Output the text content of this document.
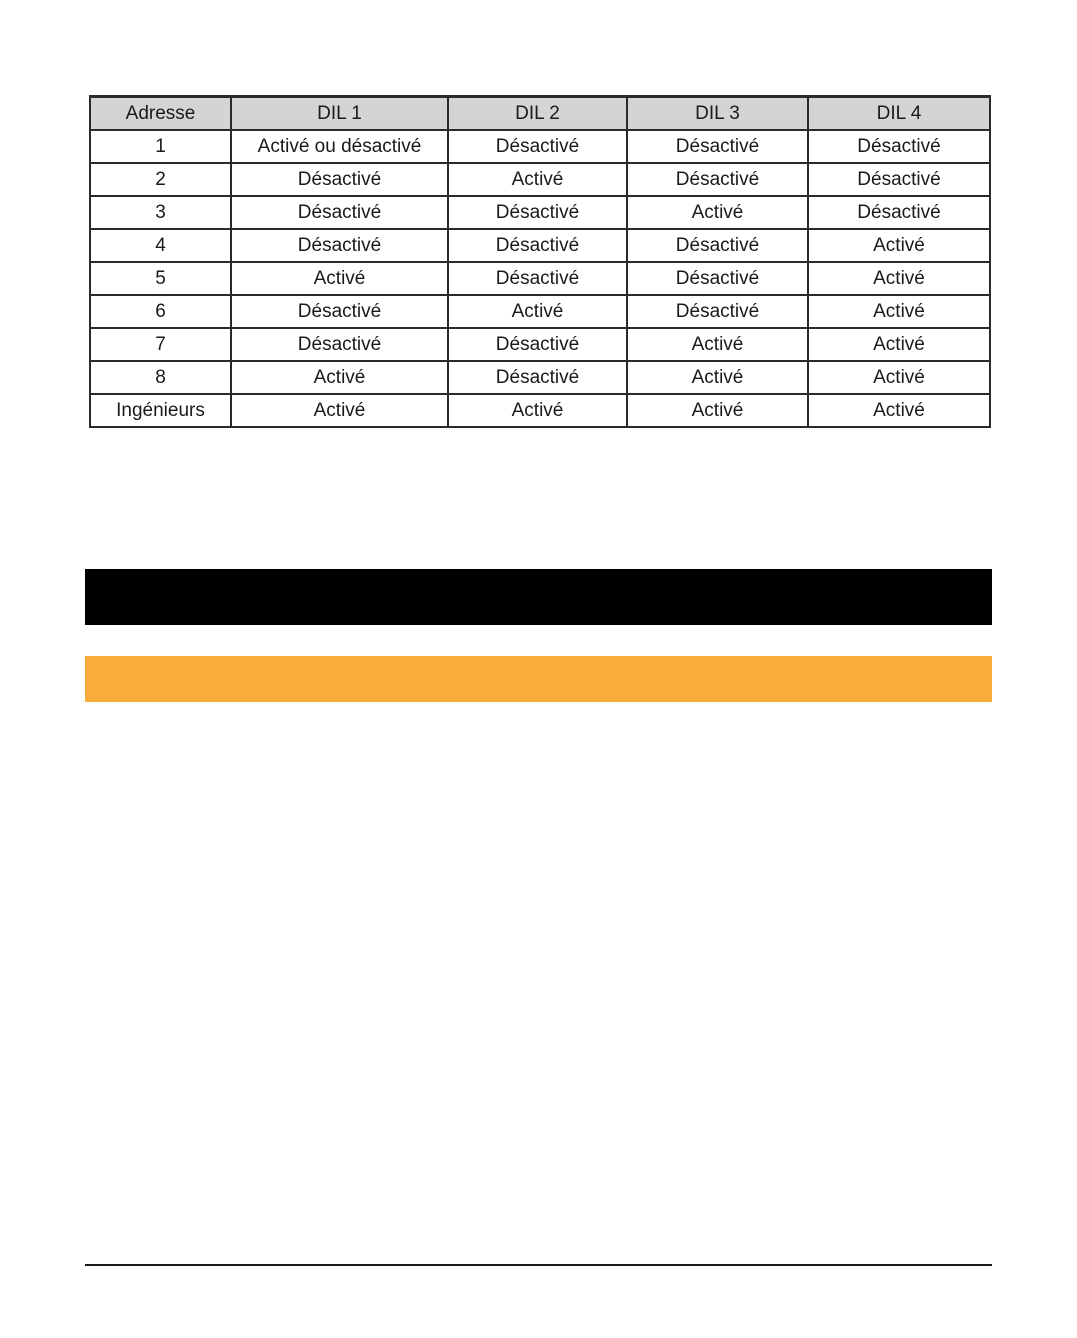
Adresse	DIL 1	DIL 2	DIL 3	DIL 4
1	Activé ou désactivé	Désactivé	Désactivé	Désactivé
2	Désactivé	Activé	Désactivé	Désactivé
3	Désactivé	Désactivé	Activé	Désactivé
4	Désactivé	Désactivé	Désactivé	Activé
5	Activé	Désactivé	Désactivé	Activé
6	Désactivé	Activé	Désactivé	Activé
7	Désactivé	Désactivé	Activé	Activé
8	Activé	Désactivé	Activé	Activé
Ingénieurs	Activé	Activé	Activé	Activé
